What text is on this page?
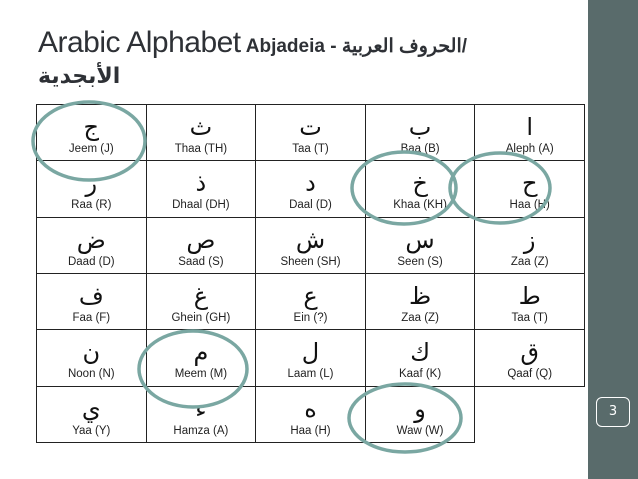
3
Arabic Alphabet Abjadeia - الحروف العربية/
الأبجدية
ج
Jeem (J)	ث
Thaa (TH)	ت
Taa (T)	ب
Baa (B)	ا
Aleph (A)

ر
Raa (R)	ذ
Dhaal (DH)	د
Daal (D)	خ
Khaa (KH)	ح
Haa (H)

ض
Daad (D)	ص
Saad (S)	ش
Sheen (SH)	س
Seen (S)	ز
Zaa (Z)

ف
Faa (F)	غ
Ghein (GH)	ع
Ein (?)	ظ
Zaa (Z)	ط
Taa (T)

ن
Noon (N)	م
Meem (M)	ل
Laam (L)	ك
Kaaf (K)	ق
Qaaf (Q)

ي
Yaa (Y)	ء
Hamza (A)	ه
Haa (H)	و
Waw (W)	
